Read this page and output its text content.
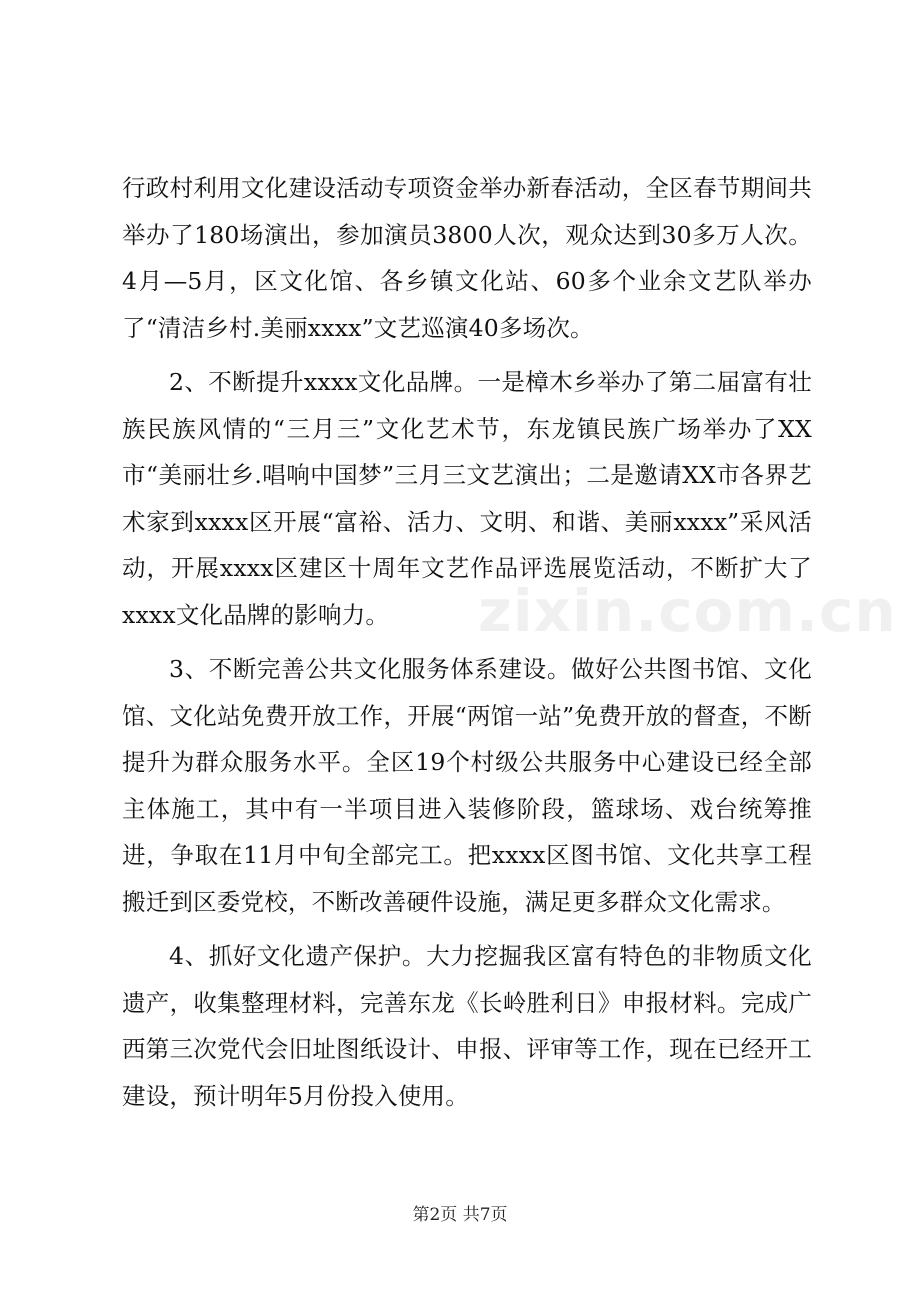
行政村利用文化建设活动专项资金举办新春活动，全区春节期间共举办了180场演出，参加演员3800人次，观众达到30多万人次。4月—5月，区文化馆、各乡镇文化站、60多个业余文艺队举办了“清洁乡村.美丽xxxx”文艺巡演40多场次。

2、不断提升xxxx文化品牌。一是樟木乡举办了第二届富有壮族民族风情的“三月三”文化艺术节，东龙镇民族广场举办了XX市“美丽壮乡.唱响中国梦”三月三文艺演出；二是邀请XX市各界艺术家到xxxx区开展“富裕、活力、文明、和谐、美丽xxxx”采风活动，开展xxxx区建区十周年文艺作品评选展览活动，不断扩大了xxxx文化品牌的影响力。

3、不断完善公共文化服务体系建设。做好公共图书馆、文化馆、文化站免费开放工作，开展“两馆一站”免费开放的督查，不断提升为群众服务水平。全区19个村级公共服务中心建设已经全部主体施工，其中有一半项目进入装修阶段，篮球场、戏台统筹推进，争取在11月中旬全部完工。把xxxx区图书馆、文化共享工程搬迁到区委党校，不断改善硬件设施，满足更多群众文化需求。

4、抓好文化遗产保护。大力挖掘我区富有特色的非物质文化遗产，收集整理材料，完善东龙《长岭胜利日》申报材料。完成广西第三次党代会旧址图纸设计、申报、评审等工作，现在已经开工建设，预计明年5月份投入使用。

zixin.com.cn
第2页 共7页
